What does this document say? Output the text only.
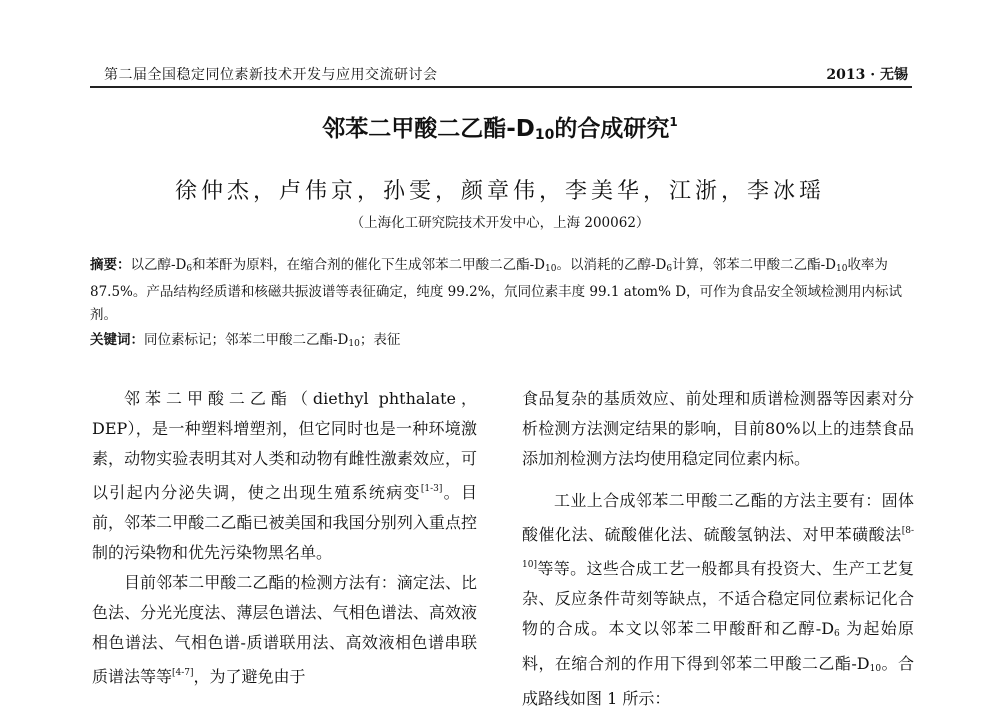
第二届全国稳定同位素新技术开发与应用交流研讨会	2013 · 无锡
邻苯二甲酸二乙酯$-D_{10}$的合成研究$^1$
徐仲杰，卢伟京，孙雯，颜章伟，李美华，江浙，李冰瑶
（上海化工研究院技术开发中心，上海 200062）
摘要：以乙醇$-D_6$和苯酐为原料，在缩合剂的催化下生成邻苯二甲酸二乙酯$-D_{10}$。以消耗的乙醇$-D_6$计算，邻苯二甲酸二乙酯$-D_{10}$收率为 87.5%。产品结构经质谱和核磁共振波谱等表征确定，纯度 99.2%，氘同位素丰度 99.1 atom% D，可作为食品安全领域检测用内标试剂。
关键词：同位素标记；邻苯二甲酸二乙酯$-D_{10}$；表征

邻苯二甲酸二乙酯（diethyl phthalate，DEP），是一种塑料增塑剂，但它同时也是一种环境激素，动物实验表明其对人类和动物有雌性激素效应，可以引起内分泌失调，使之出现生殖系统病变[1-3]。目前，邻苯二甲酸二乙酯已被美国和我国分别列入重点控制的污染物和优先污染物黑名单。

目前邻苯二甲酸二乙酯的检测方法有：滴定法、比色法、分光光度法、薄层色谱法、气相色谱法、高效液相色谱法、气相色谱-质谱联用法、高效液相色谱串联质谱法等等[4-7]，为了避免由于

食品复杂的基质效应、前处理和质谱检测器等因素对分析检测方法测定结果的影响，目前80%以上的违禁食品添加剂检测方法均使用稳定同位素内标。

工业上合成邻苯二甲酸二乙酯的方法主要有：固体酸催化法、硫酸催化法、硫酸氢钠法、对甲苯磺酸法[8-10]等等。这些合成工艺一般都具有投资大、生产工艺复杂、反应条件苛刻等缺点，不适合稳定同位素标记化合物的合成。本文以邻苯二甲酸酐和乙醇$-D_6$ 为起始原料，在缩合剂的作用下得到邻苯二甲酸二乙酯$-D_{10}$。合成路线如图 1 所示：
